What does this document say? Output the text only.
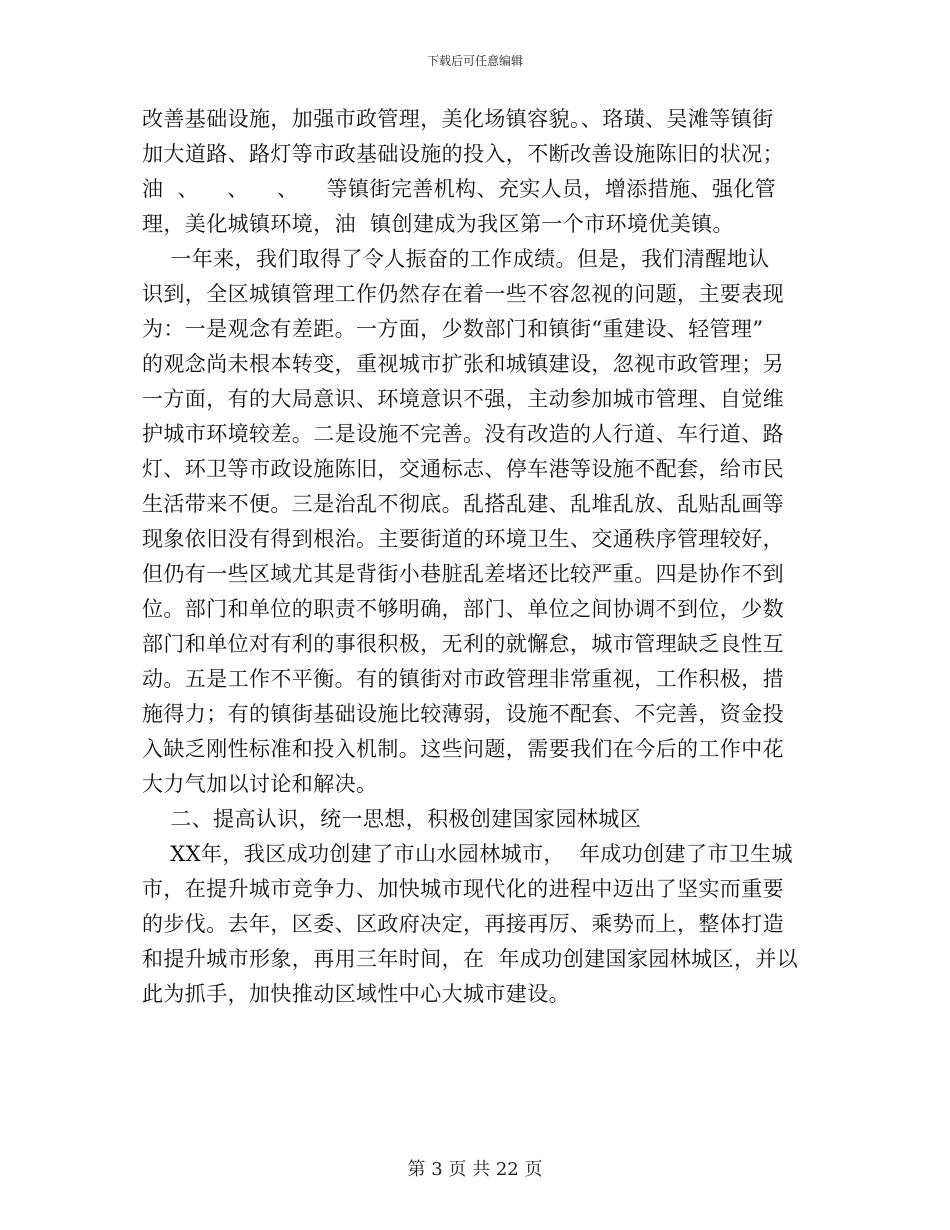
下载后可任意编辑
改善基础设施，加强市政管理，美化场镇容貌。、珞璜、吴滩等镇街
加大道路、路灯等市政基础设施的投入，不断改善设施陈旧的状况；
油  、    、    、    等镇街完善机构、充实人员，增添措施、强化管
理，美化城镇环境，油  镇创建成为我区第一个市环境优美镇。
一年来，我们取得了令人振奋的工作成绩。但是，我们清醒地认
识到，全区城镇管理工作仍然存在着一些不容忽视的问题，主要表现
为：一是观念有差距。一方面，少数部门和镇街“重建设、轻管理”
的观念尚未根本转变，重视城市扩张和城镇建设，忽视市政管理；另
一方面，有的大局意识、环境意识不强，主动参加城市管理、自觉维
护城市环境较差。二是设施不完善。没有改造的人行道、车行道、路
灯、环卫等市政设施陈旧，交通标志、停车港等设施不配套，给市民
生活带来不便。三是治乱不彻底。乱搭乱建、乱堆乱放、乱贴乱画等
现象依旧没有得到根治。主要街道的环境卫生、交通秩序管理较好，
但仍有一些区域尤其是背街小巷脏乱差堵还比较严重。四是协作不到
位。部门和单位的职责不够明确，部门、单位之间协调不到位，少数
部门和单位对有利的事很积极，无利的就懈怠，城市管理缺乏良性互
动。五是工作不平衡。有的镇街对市政管理非常重视，工作积极，措
施得力；有的镇街基础设施比较薄弱，设施不配套、不完善，资金投
入缺乏刚性标准和投入机制。这些问题，需要我们在今后的工作中花
大力气加以讨论和解决。
二、提高认识，统一思想，积极创建国家园林城区
XX年，我区成功创建了市山水园林城市，  年成功创建了市卫生城
市，在提升城市竞争力、加快城市现代化的进程中迈出了坚实而重要
的步伐。去年，区委、区政府决定，再接再厉、乘势而上，整体打造
和提升城市形象，再用三年时间，在  年成功创建国家园林城区，并以
此为抓手，加快推动区域性中心大城市建设。
第 3 页 共 22 页
